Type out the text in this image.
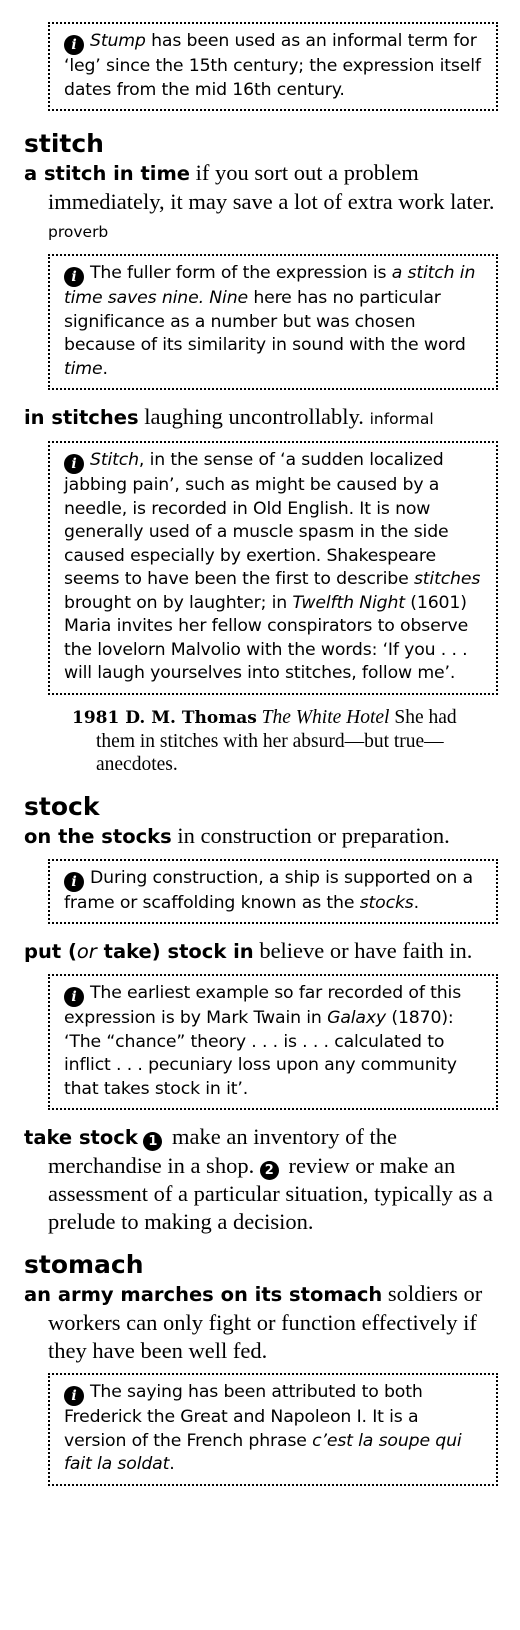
i Stump has been used as an informal term for ‘leg’ since the 15th century; the expression itself dates from the mid 16th century.
stitch

a stitch in time if you sort out a problem immediately, it may save a lot of extra work later. proverb

i The fuller form of the expression is a stitch in time saves nine. Nine here has no particular significance as a number but was chosen because of its similarity in sound with the word time.

in stitches laughing uncontrollably. informal

i Stitch, in the sense of ‘a sudden localized jabbing pain’, such as might be caused by a needle, is recorded in Old English. It is now generally used of a muscle spasm in the side caused especially by exertion. Shakespeare seems to have been the first to describe stitches brought on by laughter; in Twelfth Night (1601) Maria invites her fellow conspirators to observe the lovelorn Malvolio with the words: ‘If you . . . will laugh yourselves into stitches, follow me’.
1981 D. M. Thomas The White Hotel She had them in stitches with her absurd—but true—anecdotes.
stock

on the stocks in construction or preparation.

i During construction, a ship is supported on a frame or scaffolding known as the stocks.

put (or take) stock in believe or have faith in.

i The earliest example so far recorded of this expression is by Mark Twain in Galaxy (1870): ‘The “chance” theory . . . is . . . calculated to inflict . . . pecuniary loss upon any community that takes stock in it’.

take stock 1 make an inventory of the merchandise in a shop. 2 review or make an assessment of a particular situation, typically as a prelude to making a decision.

stomach

an army marches on its stomach soldiers or workers can only fight or function effectively if they have been well fed.

i The saying has been attributed to both Frederick the Great and Napoleon I. It is a version of the French phrase c’est la soupe qui fait la soldat.
